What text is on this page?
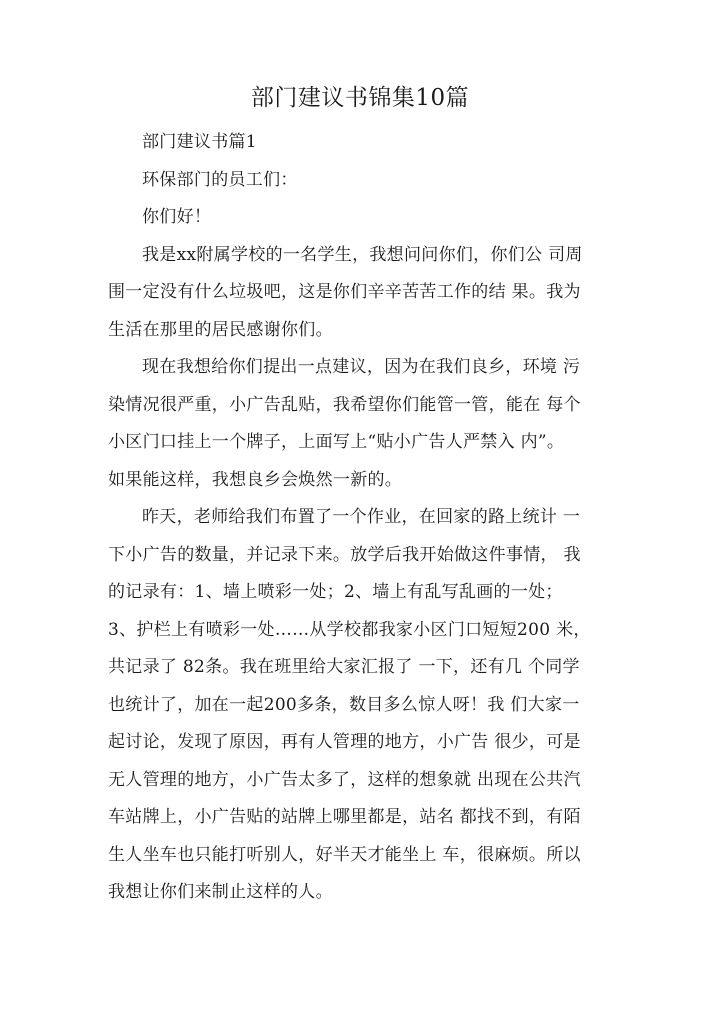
部门建议书锦集10篇
部门建议书篇1
环保部门的员工们：
你们好！
我是xx附属学校的一名学生，我想问问你们，你们公 司周
围一定没有什么垃圾吧，这是你们辛辛苦苦工作的结 果。我为
生活在那里的居民感谢你们。
现在我想给你们提出一点建议，因为在我们良乡，环境 污
染情况很严重，小广告乱贴，我希望你们能管一管，能在 每个
小区门口挂上一个牌子，上面写上“贴小广告人严禁入 内”。
如果能这样，我想良乡会焕然一新的。
昨天，老师给我们布置了一个作业，在回家的路上统计 一
下小广告的数量，并记录下来。放学后我开始做这件事情， 我
的记录有：1、墙上喷彩一处；2、墙上有乱写乱画的一处；
3、护栏上有喷彩一处……从学校都我家小区门口短短200 米，
共记录了 82条。我在班里给大家汇报了 一下，还有几 个同学
也统计了，加在一起200多条，数目多么惊人呀！我 们大家一
起讨论，发现了原因，再有人管理的地方，小广告 很少，可是
无人管理的地方，小广告太多了，这样的想象就 出现在公共汽
车站牌上，小广告贴的站牌上哪里都是，站名 都找不到，有陌
生人坐车也只能打听别人，好半天才能坐上 车，很麻烦。所以
我想让你们来制止这样的人。
